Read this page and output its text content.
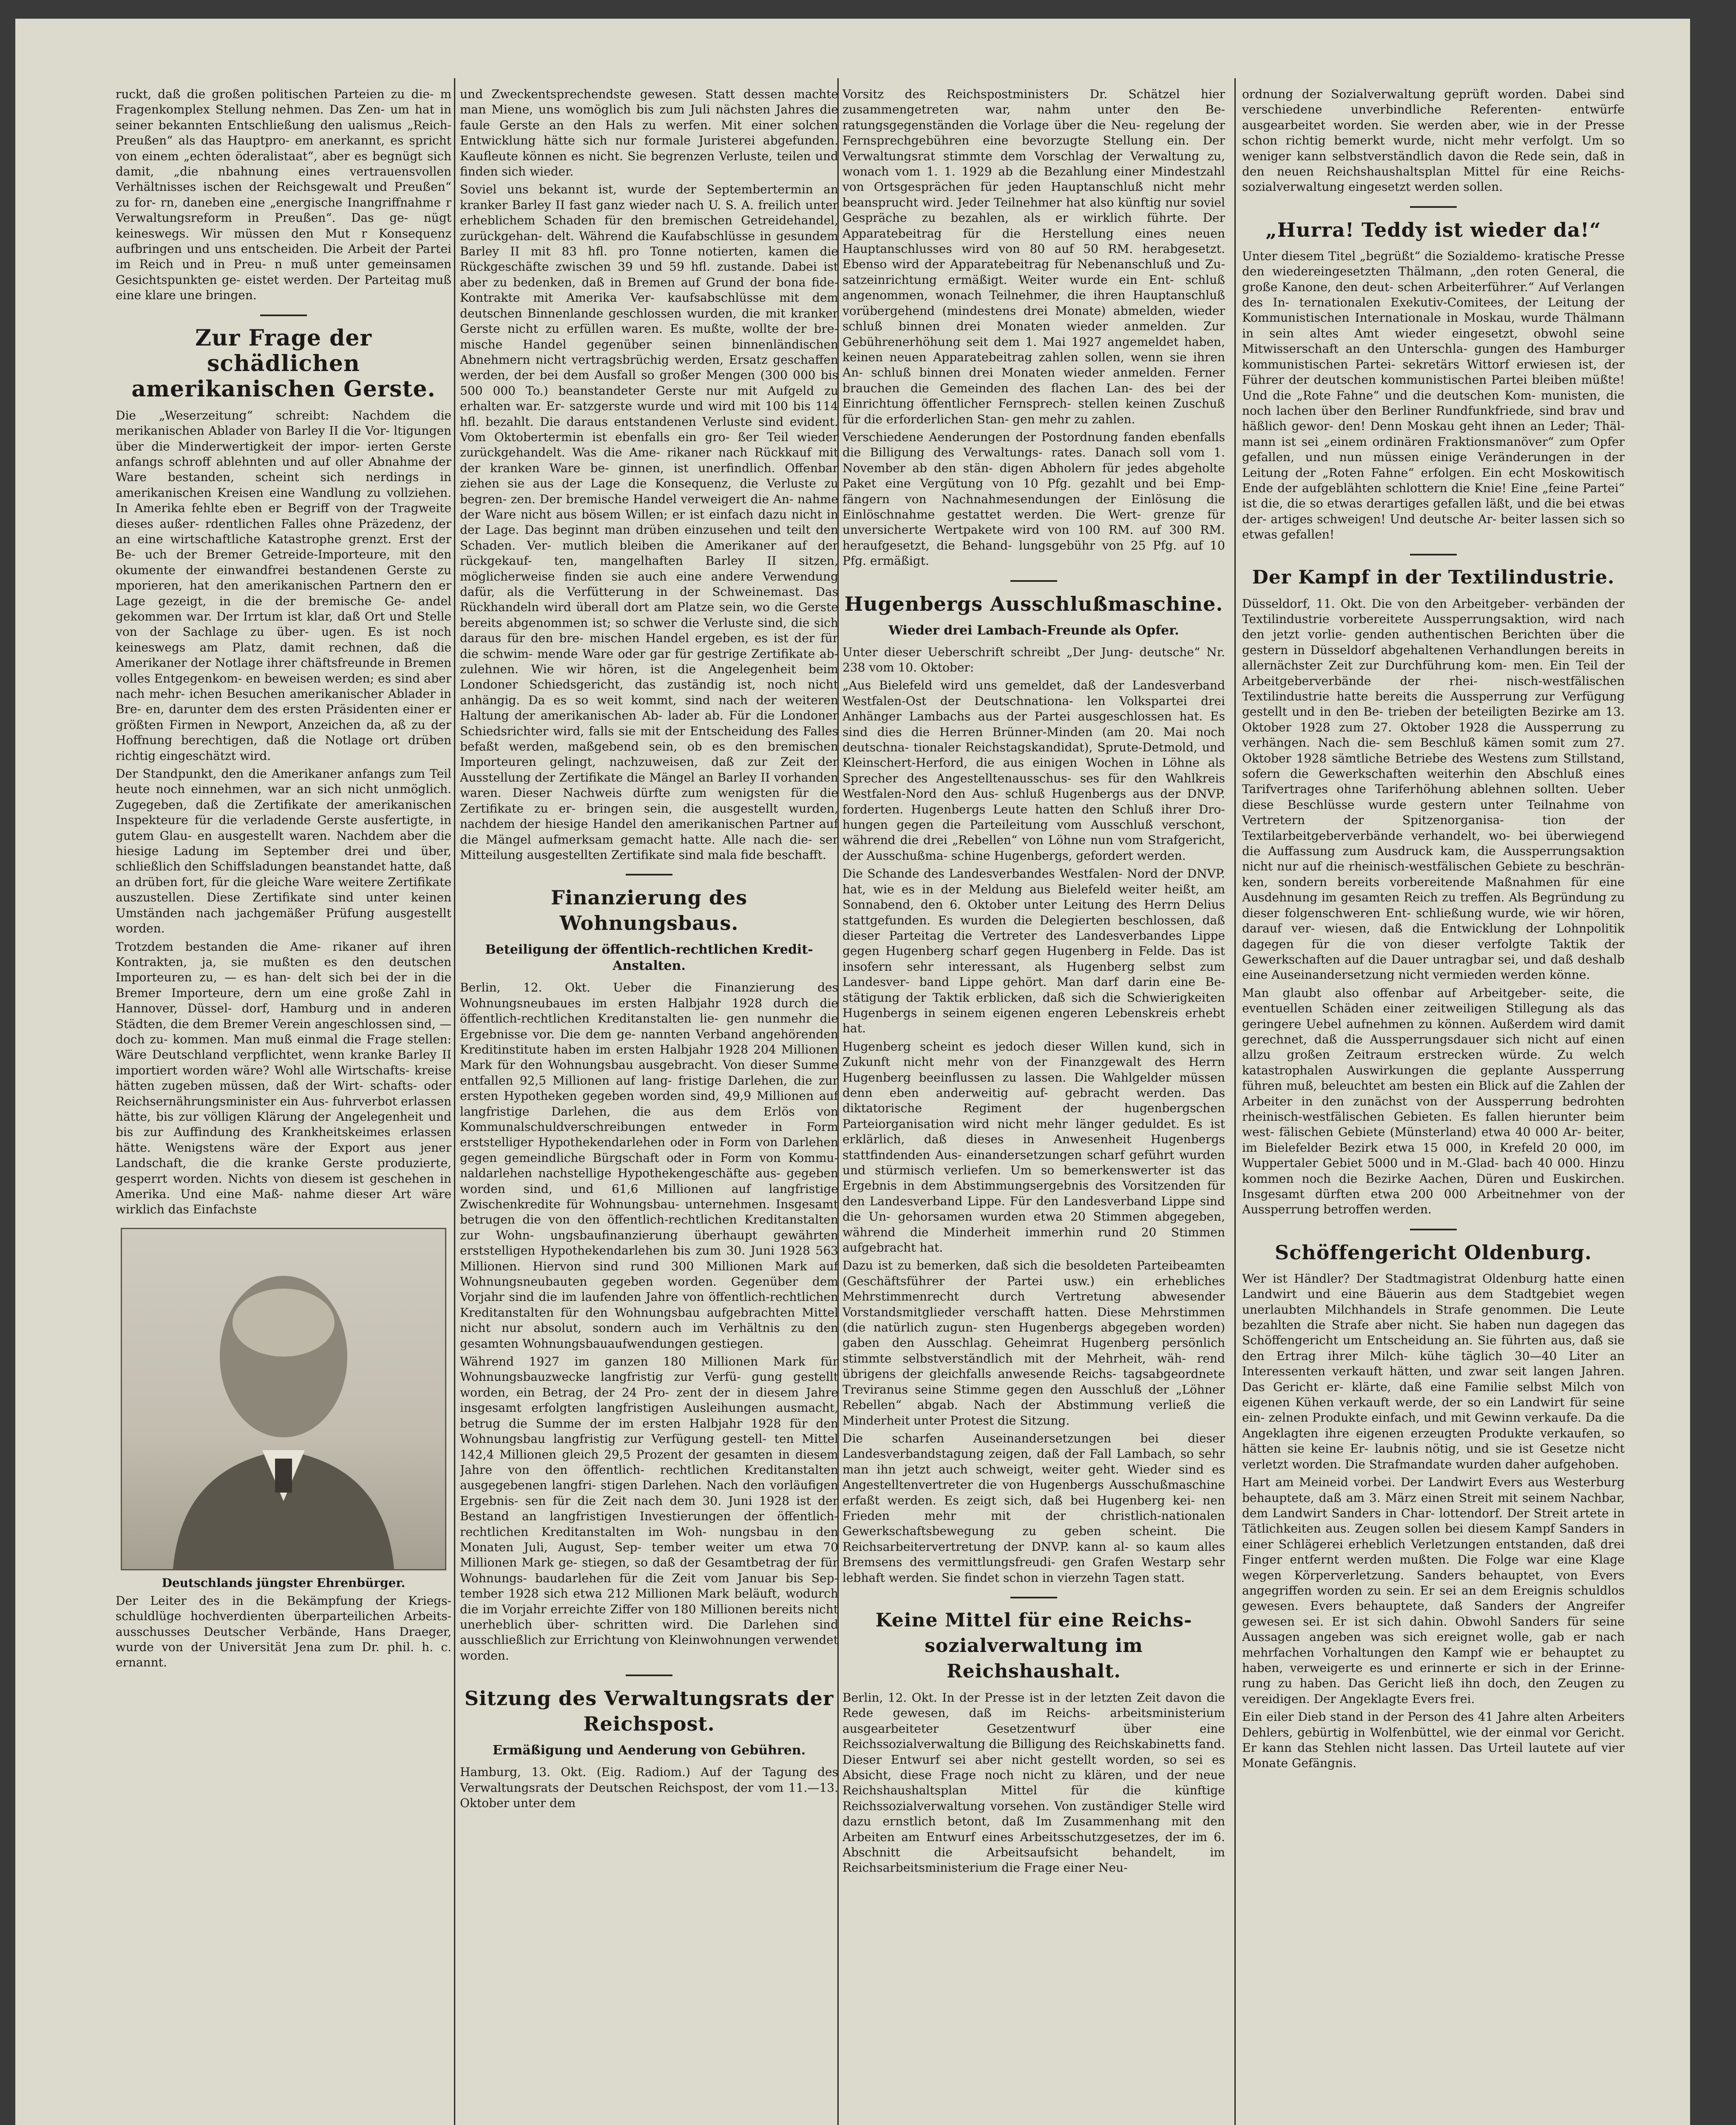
ruckt, daß die großen politischen Parteien zu die- m Fragenkomplex Stellung nehmen. Das Zen- um hat in seiner bekannten Entschließung den ualismus „Reich-Preußen“ als das Hauptpro- em anerkannt, es spricht von einem „echten öderalistaat“, aber es begnügt sich damit, „die nbahnung eines vertrauensvollen Verhältnisses ischen der Reichsgewalt und Preußen“ zu for- rn, daneben eine „energische Inangriffnahme r Verwaltungsreform in Preußen“. Das ge- nügt keineswegs. Wir müssen den Mut r Konsequenz aufbringen und uns entscheiden. Die Arbeit der Partei im Reich und in Preu- n muß unter gemeinsamen Gesichtspunkten ge- eistet werden. Der Parteitag muß eine klare une bringen.

Zur Frage der schädlichen amerikanischen Gerste.

Die „Weserzeitung“ schreibt: Nachdem die merikanischen Ablader von Barley II die Vor- ltigungen über die Minderwertigkeit der impor- ierten Gerste anfangs schroff ablehnten und auf oller Abnahme der Ware bestanden, scheint sich nerdings in amerikanischen Kreisen eine Wandlung zu vollziehen. In Amerika fehlte eben er Begriff von der Tragweite dieses außer- rdentlichen Falles ohne Präzedenz, der an eine wirtschaftliche Katastrophe grenzt. Erst der Be- uch der Bremer Getreide-Importeure, mit den okumente der einwandfrei bestandenen Gerste zu mporieren, hat den amerikanischen Partnern den er Lage gezeigt, in die der bremische Ge- andel gekommen war. Der Irrtum ist klar, daß Ort und Stelle von der Sachlage zu über- ugen. Es ist noch keineswegs am Platz, damit rechnen, daß die Amerikaner der Notlage ihrer chäftsfreunde in Bremen volles Entgegenkom- en beweisen werden; es sind aber nach mehr- ichen Besuchen amerikanischer Ablader in Bre- en, darunter dem des ersten Präsidenten einer er größten Firmen in Newport, Anzeichen da, aß zu der Hoffnung berechtigen, daß die Notlage ort drüben richtig eingeschätzt wird.

Der Standpunkt, den die Amerikaner anfangs zum Teil heute noch einnehmen, war an sich nicht unmöglich. Zugegeben, daß die Zertifikate der amerikanischen Inspekteure für die verladende Gerste ausfertigte, in gutem Glau- en ausgestellt waren. Nachdem aber die hiesige Ladung im September drei und über, schließlich den Schiffsladungen beanstandet hatte, daß an drüben fort, für die gleiche Ware weitere Zertifikate auszustellen. Diese Zertifikate sind unter keinen Umständen nach jachgemäßer Prüfung ausgestellt worden.

Trotzdem bestanden die Ame- rikaner auf ihren Kontrakten, ja, sie mußten es den deutschen Importeuren zu, — es han- delt sich bei der in die Bremer Importeure, dern um eine große Zahl in Hannover, Düssel- dorf, Hamburg und in anderen Städten, die dem Bremer Verein angeschlossen sind, — doch zu- kommen. Man muß einmal die Frage stellen: Wäre Deutschland verpflichtet, wenn kranke Barley II importiert worden wäre? Wohl alle Wirtschafts- kreise hätten zugeben müssen, daß der Wirt- schafts- oder Reichsernährungsminister ein Aus- fuhrverbot erlassen hätte, bis zur völligen Klärung der Angelegenheit und bis zur Auffindung des Krankheitskeimes erlassen hätte. Wenigstens wäre der Export aus jener Landschaft, die die kranke Gerste produzierte, gesperrt worden. Nichts von diesem ist geschehen in Amerika. Und eine Maß- nahme dieser Art wäre wirklich das Einfachste

Deutschlands jüngster Ehrenbürger.

Der Leiter des in die Bekämpfung der Kriegs- schuldlüge hochverdienten überparteilichen Arbeits- ausschusses Deutscher Verbände, Hans Draeger, wurde von der Universität Jena zum Dr. phil. h. c. ernannt.

und Zweckentsprechendste gewesen. Statt dessen machte man Miene, uns womöglich bis zum Juli nächsten Jahres die faule Gerste an den Hals zu werfen. Mit einer solchen Entwicklung hätte sich nur formale Juristerei abgefunden. Kaufleute können es nicht. Sie begrenzen Verluste, teilen und finden sich wieder.

Soviel uns bekannt ist, wurde der Septembertermin an kranker Barley II fast ganz wieder nach U. S. A. freilich unter erheblichem Schaden für den bremischen Getreidehandel, zurückgehan- delt. Während die Kaufabschlüsse in gesundem Barley II mit 83 hfl. pro Tonne notierten, kamen die Rückgeschäfte zwischen 39 und 59 hfl. zustande. Dabei ist aber zu bedenken, daß in Bremen auf Grund der bona fide-Kontrakte mit Amerika Ver- kaufsabschlüsse mit dem deutschen Binnenlande geschlossen wurden, die mit kranker Gerste nicht zu erfüllen waren. Es mußte, wollte der bre- mische Handel gegenüber seinen binnenländischen Abnehmern nicht vertragsbrüchig werden, Ersatz geschaffen werden, der bei dem Ausfall so großer Mengen (300 000 bis 500 000 To.) beanstandeter Gerste nur mit Aufgeld zu erhalten war. Er- satzgerste wurde und wird mit 100 bis 114 hfl. bezahlt. Die daraus entstandenen Verluste sind evident. Vom Oktobertermin ist ebenfalls ein gro- ßer Teil wieder zurückgehandelt. Was die Ame- rikaner nach Rückkauf mit der kranken Ware be- ginnen, ist unerfindlich. Offenbar ziehen sie aus der Lage die Konsequenz, die Verluste zu begren- zen. Der bremische Handel verweigert die An- nahme der Ware nicht aus bösem Willen; er ist einfach dazu nicht in der Lage. Das beginnt man drüben einzusehen und teilt den Schaden. Ver- mutlich bleiben die Amerikaner auf der rückgekauf- ten, mangelhaften Barley II sitzen, möglicherweise finden sie auch eine andere Verwendung dafür, als die Verfütterung in der Schweinemast. Das Rückhandeln wird überall dort am Platze sein, wo die Gerste bereits abgenommen ist; so schwer die Verluste sind, die sich daraus für den bre- mischen Handel ergeben, es ist der für die schwim- mende Ware oder gar für gestrige Zertifikate ab- zulehnen. Wie wir hören, ist die Angelegenheit beim Londoner Schiedsgericht, das zuständig ist, noch nicht anhängig. Da es so weit kommt, sind nach der weiteren Haltung der amerikanischen Ab- lader ab. Für die Londoner Schiedsrichter wird, falls sie mit der Entscheidung des Falles befaßt werden, maßgebend sein, ob es den bremischen Importeuren gelingt, nachzuweisen, daß zur Zeit der Ausstellung der Zertifikate die Mängel an Barley II vorhanden waren. Dieser Nachweis dürfte zum wenigsten für die Zertifikate zu er- bringen sein, die ausgestellt wurden, nachdem der hiesige Handel den amerikanischen Partner auf die Mängel aufmerksam gemacht hatte. Alle nach die- ser Mitteilung ausgestellten Zertifikate sind mala fide beschafft.

Finanzierung des Wohnungsbaus.
Beteiligung der öffentlich-rechtlichen Kredit- Anstalten.

Berlin, 12. Okt. Ueber die Finanzierung des Wohnungsneubaues im ersten Halbjahr 1928 durch die öffentlich-rechtlichen Kreditanstalten lie- gen nunmehr die Ergebnisse vor. Die dem ge- nannten Verband angehörenden Kreditinstitute haben im ersten Halbjahr 1928 204 Millionen Mark für den Wohnungsbau ausgebracht. Von dieser Summe entfallen 92,5 Millionen auf lang- fristige Darlehen, die zur ersten Hypotheken gegeben worden sind, 49,9 Millionen auf langfristige Darlehen, die aus dem Erlös von Kommunalschuldverschreibungen entweder in Form erststelliger Hypothekendarlehen oder in Form von Darlehen gegen gemeindliche Bürgschaft oder in Form von Kommu- naldarlehen nachstellige Hypothekengeschäfte aus- gegeben worden sind, und 61,6 Millionen auf langfristige Zwischenkredite für Wohnungsbau- unternehmen. Insgesamt betrugen die von den öffentlich-rechtlichen Kreditanstalten zur Wohn- ungsbaufinanzierung überhaupt gewährten erststelligen Hypothekendarlehen bis zum 30. Juni 1928 563 Millionen. Hiervon sind rund 300 Millionen Mark auf Wohnungsneubauten gegeben worden. Gegenüber dem Vorjahr sind die im laufenden Jahre von öffentlich-rechtlichen Kreditanstalten für den Wohnungsbau aufgebrachten Mittel nicht nur absolut, sondern auch im Verhältnis zu den gesamten Wohnungsbauaufwendungen gestiegen.

Während 1927 im ganzen 180 Millionen Mark für Wohnungsbauzwecke langfristig zur Verfü- gung gestellt worden, ein Betrag, der 24 Pro- zent der in diesem Jahre insgesamt erfolgten langfristigen Ausleihungen ausmacht, betrug die Summe der im ersten Halbjahr 1928 für den Wohnungsbau langfristig zur Verfügung gestell- ten Mittel 142,4 Millionen gleich 29,5 Prozent der gesamten in diesem Jahre von den öffentlich- rechtlichen Kreditanstalten ausgegebenen langfri- stigen Darlehen. Nach den vorläufigen Ergebnis- sen für die Zeit nach dem 30. Juni 1928 ist der Bestand an langfristigen Investierungen der öffentlich-rechtlichen Kreditanstalten im Woh- nungsbau in den Monaten Juli, August, Sep- tember weiter um etwa 70 Millionen Mark ge- stiegen, so daß der Gesamtbetrag der für Wohnungs- baudarlehen für die Zeit vom Januar bis Sep- tember 1928 sich etwa 212 Millionen Mark beläuft, wodurch die im Vorjahr erreichte Ziffer von 180 Millionen bereits nicht unerheblich über- schritten wird. Die Darlehen sind ausschließlich zur Errichtung von Kleinwohnungen verwendet worden.

Sitzung des Verwaltungsrats der Reichspost.
Ermäßigung und Aenderung von Gebühren.

Hamburg, 13. Okt. (Eig. Radiom.) Auf der Tagung des Verwaltungsrats der Deutschen Reichspost, der vom 11.—13. Oktober unter dem

Vorsitz des Reichspostministers Dr. Schätzel hier zusammengetreten war, nahm unter den Be- ratungsgegenständen die Vorlage über die Neu- regelung der Fernsprechgebühren eine bevorzugte Stellung ein. Der Verwaltungsrat stimmte dem Vorschlag der Verwaltung zu, wonach vom 1. 1. 1929 ab die Bezahlung einer Mindestzahl von Ortsgesprächen für jeden Hauptanschluß nicht mehr beansprucht wird. Jeder Teilnehmer hat also künftig nur soviel Gespräche zu bezahlen, als er wirklich führte. Der Apparatebeitrag für die Herstellung eines neuen Hauptanschlusses wird von 80 auf 50 RM. herabgesetzt. Ebenso wird der Apparatebeitrag für Nebenanschluß und Zu- satzeinrichtung ermäßigt. Weiter wurde ein Ent- schluß angenommen, wonach Teilnehmer, die ihren Hauptanschluß vorübergehend (mindestens drei Monate) abmelden, wieder schluß binnen drei Monaten wieder anmelden. Zur Gebührenerhöhung seit dem 1. Mai 1927 angemeldet haben, keinen neuen Apparatebeitrag zahlen sollen, wenn sie ihren An- schluß binnen drei Monaten wieder anmelden. Ferner brauchen die Gemeinden des flachen Lan- des bei der Einrichtung öffentlicher Fernsprech- stellen keinen Zuschuß für die erforderlichen Stan- gen mehr zu zahlen.

Verschiedene Aenderungen der Postordnung fanden ebenfalls die Billigung des Verwaltungs- rates. Danach soll vom 1. November ab den stän- digen Abholern für jedes abgeholte Paket eine Vergütung von 10 Pfg. gezahlt und bei Emp- fängern von Nachnahmesendungen der Einlösung die Einlöschnahme gestattet werden. Die Wert- grenze für unversicherte Wertpakete wird von 100 RM. auf 300 RM. heraufgesetzt, die Behand- lungsgebühr von 25 Pfg. auf 10 Pfg. ermäßigt.

Hugenbergs Ausschlußmaschine.
Wieder drei Lambach-Freunde als Opfer.

Unter dieser Ueberschrift schreibt „Der Jung- deutsche“ Nr. 238 vom 10. Oktober:

„Aus Bielefeld wird uns gemeldet, daß der Landesverband Westfalen-Ost der Deutschnationa- len Volkspartei drei Anhänger Lambachs aus der Partei ausgeschlossen hat. Es sind dies die Herren Brünner-Minden (am 20. Mai noch deutschna- tionaler Reichstagskandidat), Sprute-Detmold, und Kleinschert-Herford, die aus einigen Wochen in Löhne als Sprecher des Angestelltenausschus- ses für den Wahlkreis Westfalen-Nord den Aus- schluß Hugenbergs aus der DNVP. forderten. Hugenbergs Leute hatten den Schluß ihrer Dro- hungen gegen die Parteileitung vom Ausschluß verschont, während die drei „Rebellen“ von Löhne nun vom Strafgericht, der Ausschußma- schine Hugenbergs, gefordert werden.

Die Schande des Landesverbandes Westfalen- Nord der DNVP. hat, wie es in der Meldung aus Bielefeld weiter heißt, am Sonnabend, den 6. Oktober unter Leitung des Herrn Delius stattgefunden. Es wurden die Delegierten beschlossen, daß dieser Parteitag die Vertreter des Landesverbandes Lippe gegen Hugenberg scharf gegen Hugenberg in Felde. Das ist insofern sehr interessant, als Hugenberg selbst zum Landesver- band Lippe gehört. Man darf darin eine Be- stätigung der Taktik erblicken, daß sich die Schwierigkeiten Hugenbergs in seinem eigenen engeren Lebenskreis erhebt hat.

Hugenberg scheint es jedoch dieser Willen kund, sich in Zukunft nicht mehr von der Finanzgewalt des Herrn Hugenberg beeinflussen zu lassen. Die Wahlgelder müssen denn eben anderweitig auf- gebracht werden. Das diktatorische Regiment der hugenbergschen Parteiorganisation wird nicht mehr länger geduldet. Es ist erklärlich, daß dieses in Anwesenheit Hugenbergs stattfindenden Aus- einandersetzungen scharf geführt wurden und stürmisch verliefen. Um so bemerkenswerter ist das Ergebnis in dem Abstimmungsergebnis des Vorsitzenden für den Landesverband Lippe. Für den Landesverband Lippe sind die Un- gehorsamen wurden etwa 20 Stimmen abgegeben, während die Minderheit immerhin rund 20 Stimmen aufgebracht hat.

Dazu ist zu bemerken, daß sich die besoldeten Parteibeamten (Geschäftsführer der Partei usw.) ein erhebliches Mehrstimmenrecht durch Vertretung abwesender Vorstandsmitglieder verschafft hatten. Diese Mehrstimmen (die natürlich zugun- sten Hugenbergs abgegeben worden) gaben den Ausschlag. Geheimrat Hugenberg persönlich stimmte selbstverständlich mit der Mehrheit, wäh- rend übrigens der gleichfalls anwesende Reichs- tagsabgeordnete Treviranus seine Stimme gegen den Ausschluß der „Löhner Rebellen“ abgab. Nach der Abstimmung verließ die Minderheit unter Protest die Sitzung.

Die scharfen Auseinandersetzungen bei dieser Landesverbandstagung zeigen, daß der Fall Lambach, so sehr man ihn jetzt auch schweigt, weiter geht. Wieder sind es Angestelltenvertreter die von Hugenbergs Ausschußmaschine erfaßt werden. Es zeigt sich, daß bei Hugenberg kei- nen Frieden mehr mit der christlich-nationalen Gewerkschaftsbewegung zu geben scheint. Die Reichsarbeitervertretung der DNVP. kann al- so kaum alles Bremsens des vermittlungsfreudi- gen Grafen Westarp sehr lebhaft werden. Sie findet schon in vierzehn Tagen statt.

Keine Mittel für eine Reichs- sozialverwaltung im Reichshaushalt.

Berlin, 12. Okt. In der Presse ist in der letzten Zeit davon die Rede gewesen, daß im Reichs- arbeitsministerium ausgearbeiteter Gesetzentwurf über eine Reichssozialverwaltung die Billigung des Reichskabinetts fand. Dieser Entwurf sei aber nicht gestellt worden, so sei es Absicht, diese Frage noch nicht zu klären, und der neue Reichshaushaltsplan Mittel für die künftige Reichssozialverwaltung vorsehen. Von zuständiger Stelle wird dazu ernstlich betont, daß Im Zusammenhang mit den Arbeiten am Entwurf eines Arbeitsschutzgesetzes, der im 6. Abschnitt die Arbeitsaufsicht behandelt, im Reichsarbeitsministerium die Frage einer Neu-

ordnung der Sozialverwaltung geprüft worden. Dabei sind verschiedene unverbindliche Referenten- entwürfe ausgearbeitet worden. Sie werden aber, wie in der Presse schon richtig bemerkt wurde, nicht mehr verfolgt. Um so weniger kann selbstverständlich davon die Rede sein, daß in den neuen Reichshaushaltsplan Mittel für eine Reichs- sozialverwaltung eingesetzt werden sollen.

„Hurra! Teddy ist wieder da!“

Unter diesem Titel „begrüßt“ die Sozialdemo- kratische Presse den wiedereingesetzten Thälmann, „den roten General, die große Kanone, den deut- schen Arbeiterführer.“ Auf Verlangen des In- ternationalen Exekutiv-Comitees, der Leitung der Kommunistischen Internationale in Moskau, wurde Thälmann in sein altes Amt wieder eingesetzt, obwohl seine Mitwisserschaft an den Unterschla- gungen des Hamburger kommunistischen Partei- sekretärs Wittorf erwiesen ist, der Führer der deutschen kommunistischen Partei bleiben müßte! Und die „Rote Fahne“ und die deutschen Kom- munisten, die noch lachen über den Berliner Rundfunkfriede, sind brav und häßlich gewor- den! Denn Moskau geht ihnen an Leder; Thäl- mann ist sei „einem ordinären Fraktionsmanöver“ zum Opfer gefallen, und nun müssen einige Veränderungen in der Leitung der „Roten Fahne“ erfolgen. Ein echt Moskowitisch Ende der aufgeblähten schlottern die Knie! Eine „feine Partei“ ist die, die so etwas derartiges gefallen läßt, und die bei etwas der- artiges schweigen! Und deutsche Ar- beiter lassen sich so etwas gefallen!

Der Kampf in der Textilindustrie.

Düsseldorf, 11. Okt. Die von den Arbeitgeber- verbänden der Textilindustrie vorbereitete Aussperrungsaktion, wird nach den jetzt vorlie- genden authentischen Berichten über die gestern in Düsseldorf abgehaltenen Verhandlungen bereits in allernächster Zeit zur Durchführung kom- men. Ein Teil der Arbeitgeberverbände der rhei- nisch-westfälischen Textilindustrie hatte bereits die Aussperrung zur Verfügung gestellt und in den Be- trieben der beteiligten Bezirke am 13. Oktober 1928 zum 27. Oktober 1928 die Aussperrung zu verhängen. Nach die- sem Beschluß kämen somit zum 27. Oktober 1928 sämtliche Betriebe des Westens zum Stillstand, sofern die Gewerkschaften weiterhin den Abschluß eines Tarifvertrages ohne Tariferhöhung ablehnen sollten. Ueber diese Beschlüsse wurde gestern unter Teilnahme von Vertretern der Spitzenorganisa- tion der Textilarbeitgeberverbände verhandelt, wo- bei überwiegend die Auffassung zum Ausdruck kam, die Aussperrungsaktion nicht nur auf die rheinisch-westfälischen Gebiete zu beschrän- ken, sondern bereits vorbereitende Maßnahmen für eine Ausdehnung im gesamten Reich zu treffen. Als Begründung zu dieser folgenschweren Ent- schließung wurde, wie wir hören, darauf ver- wiesen, daß die Entwicklung der Lohnpolitik dagegen für die von dieser verfolgte Taktik der Gewerkschaften auf die Dauer untragbar sei, und daß deshalb eine Auseinandersetzung nicht vermieden werden könne.

Man glaubt also offenbar auf Arbeitgeber- seite, die eventuellen Schäden einer zeitweiligen Stillegung als das geringere Uebel aufnehmen zu können. Außerdem wird damit gerechnet, daß die Aussperrungsdauer sich nicht auf einen allzu großen Zeitraum erstrecken würde. Zu welch katastrophalen Auswirkungen die geplante Aussperrung führen muß, beleuchtet am besten ein Blick auf die Zahlen der Arbeiter in den zunächst von der Aussperrung bedrohten rheinisch-westfälischen Gebieten. Es fallen hierunter beim west- fälischen Gebiete (Münsterland) etwa 40 000 Ar- beiter, im Bielefelder Bezirk etwa 15 000, in Krefeld 20 000, im Wuppertaler Gebiet 5000 und in M.-Glad- bach 40 000. Hinzu kommen noch die Bezirke Aachen, Düren und Euskirchen. Insgesamt dürften etwa 200 000 Arbeitnehmer von der Aussperrung betroffen werden.

Schöffengericht Oldenburg.

Wer ist Händler? Der Stadtmagistrat Oldenburg hatte einen Landwirt und eine Bäuerin aus dem Stadtgebiet wegen unerlaubten Milchhandels in Strafe genommen. Die Leute bezahlten die Strafe aber nicht. Sie haben nun dagegen das Schöffengericht um Entscheidung an. Sie führten aus, daß sie den Ertrag ihrer Milch- kühe täglich 30—40 Liter an Interessenten verkauft hätten, und zwar seit langen Jahren. Das Gericht er- klärte, daß eine Familie selbst Milch von eigenen Kühen verkauft werde, der so ein Landwirt für seine ein- zelnen Produkte einfach, und mit Gewinn verkaufe. Da die Angeklagten ihre eigenen erzeugten Produkte verkaufen, so hätten sie keine Er- laubnis nötig, und sie ist Gesetze nicht verletzt worden. Die Strafmandate wurden daher aufgehoben.

Hart am Meineid vorbei. Der Landwirt Evers aus Westerburg behauptete, daß am 3. März einen Streit mit seinem Nachbar, dem Landwirt Sanders in Char- lottendorf. Der Streit artete in Tätlichkeiten aus. Zeugen sollen bei diesem Kampf Sanders in einer Schlägerei erheblich Verletzungen entstanden, daß drei Finger entfernt werden mußten. Die Folge war eine Klage wegen Körperverletzung. Sanders behauptet, von Evers angegriffen worden zu sein. Er sei an dem Ereignis schuldlos gewesen. Evers behauptete, daß Sanders der Angreifer gewesen sei. Er ist sich dahin. Obwohl Sanders für seine Aussagen angeben was sich ereignet wolle, gab er nach mehrfachen Vorhaltungen den Kampf wie er behauptet zu haben, verweigerte es und erinnerte er sich in der Erinne- rung zu haben. Das Gericht ließ ihn doch, den Zeugen zu vereidigen. Der Angeklagte Evers frei.

Ein eiler Dieb stand in der Person des 41 Jahre alten Arbeiters Dehlers, gebürtig in Wolfenbüttel, wie der einmal vor Gericht. Er kann das Stehlen nicht lassen. Das Urteil lautete auf vier Monate Gefängnis.
